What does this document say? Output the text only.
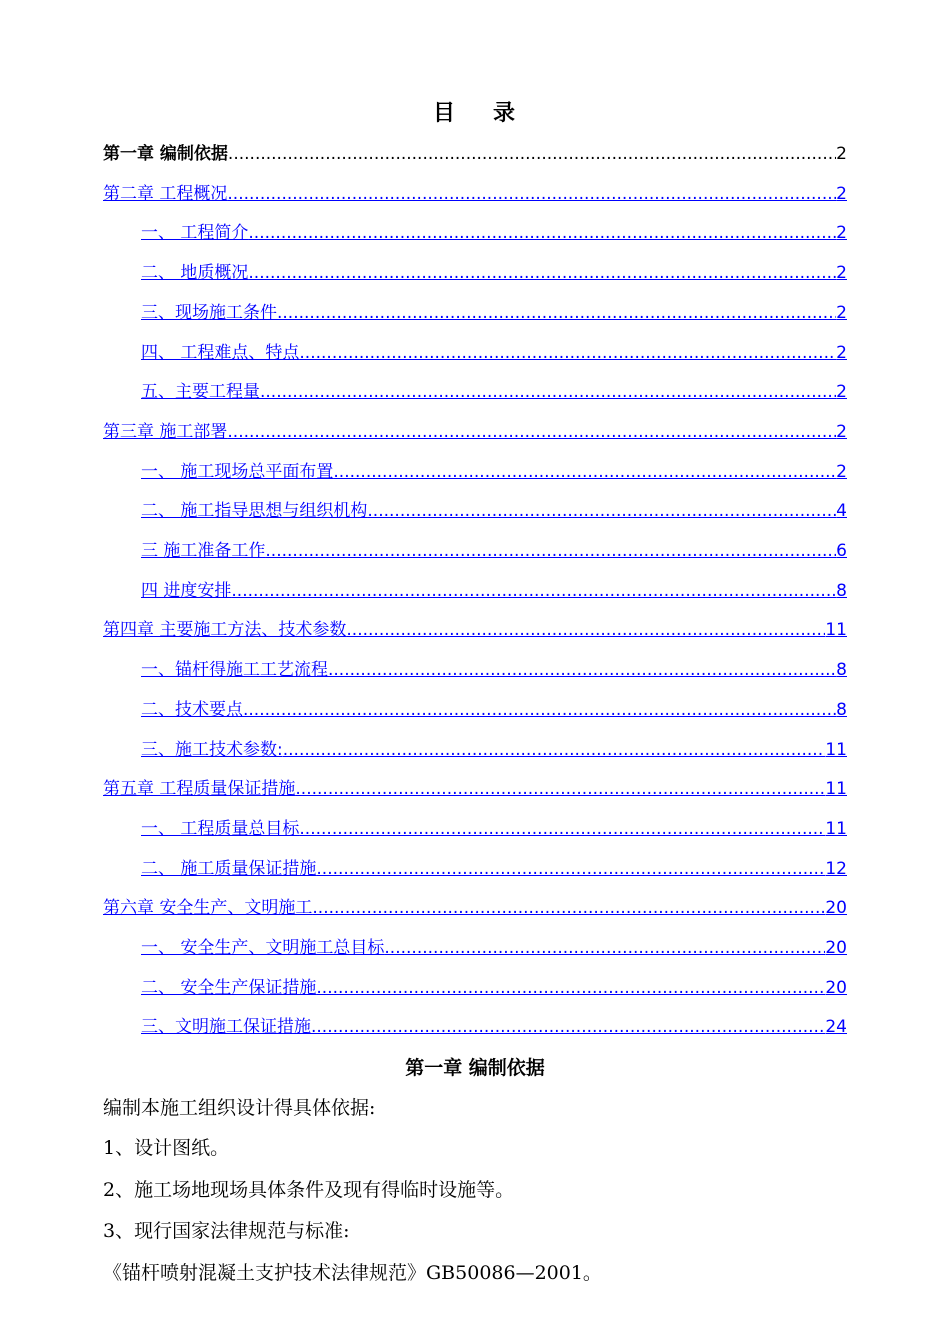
目 录
第一章 编制依据 .....	2
第二章 工程概况 .....	2
一、 工程简介 .....	2
二、 地质概况 .....	2
三、现场施工条件 .....	2
四、 工程难点、特点 .....	2
五、主要工程量 .....	2
第三章 施工部署 .....	2
一、 施工现场总平面布置 .....	2
二、 施工指导思想与组织机构 .....	4
三 施工准备工作 .....	6
四 进度安排 .....	8
第四章 主要施工方法、技术参数 .....	11
一、锚杆得施工工艺流程 .....	8
二、技术要点 .....	8
三、施工技术参数: .....	11
第五章 工程质量保证措施 .....	11
一、 工程质量总目标 .....	11
二、 施工质量保证措施 .....	12
第六章 安全生产、文明施工 .....	20
一、 安全生产、文明施工总目标 .....	20
二、 安全生产保证措施 .....	20
三、文明施工保证措施 .....	24
第一章 编制依据
编制本施工组织设计得具体依据:
1、设计图纸。
2、施工场地现场具体条件及现有得临时设施等。
3、现行国家法律规范与标准:
《锚杆喷射混凝土支护技术法律规范》GB50086—2001。
